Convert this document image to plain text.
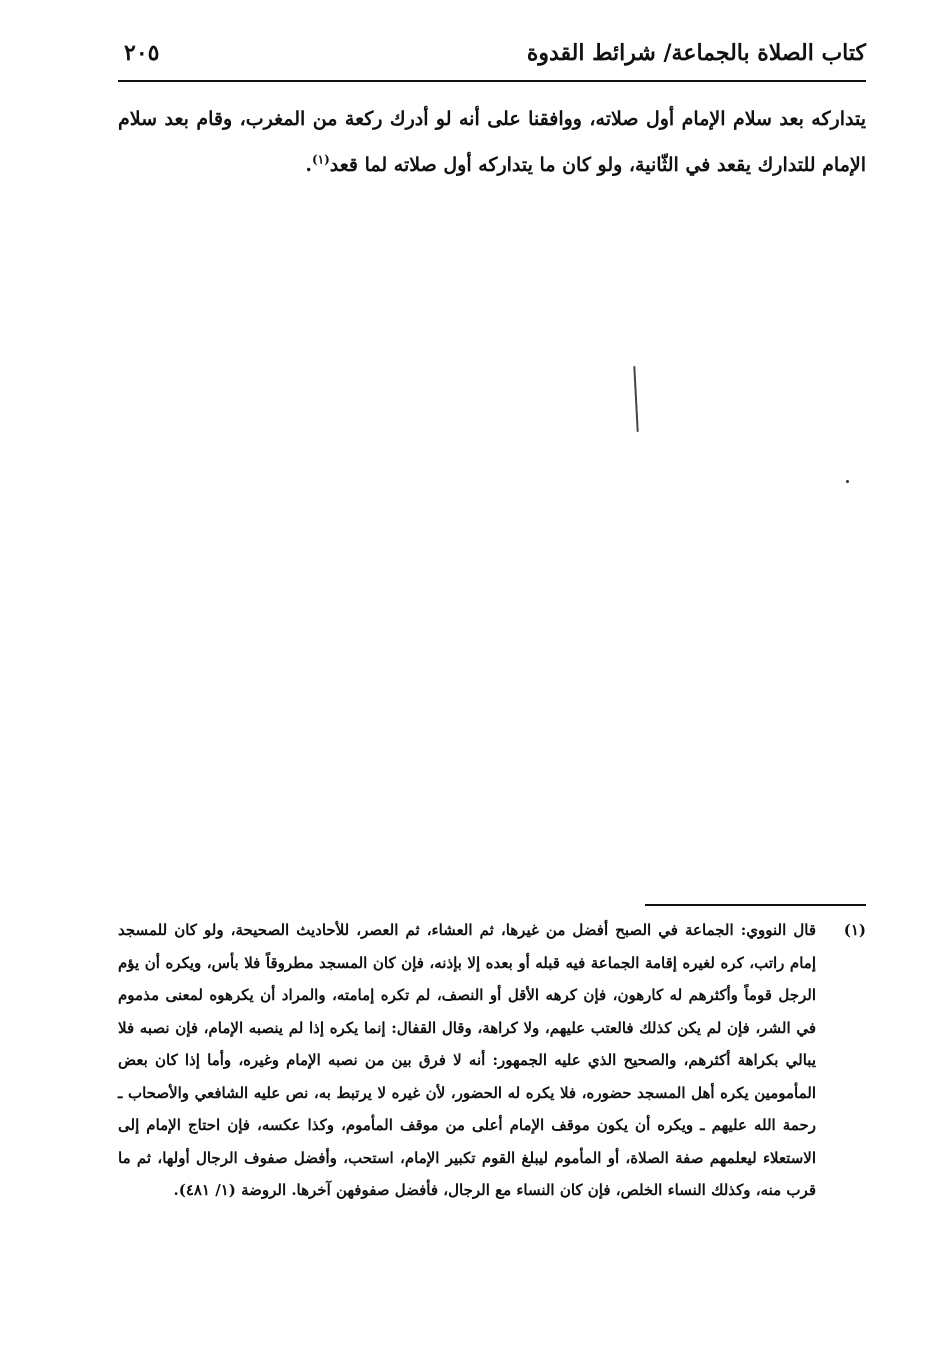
كتاب الصلاة بالجماعة/ شرائط القدوة
٢٠٥
يتداركه بعد سلام الإمام أول صلاته، ووافقنا على أنه لو أدرك ركعة من المغرب، وقام بعد سلام الإمام للتدارك يقعد في الثّانية، ولو كان ما يتداركه أول صلاته لما قعد$^{(١)}$.
(١)
قال النووي: الجماعة في الصبح أفضل من غيرها، ثم العشاء، ثم العصر، للأحاديث الصحيحة، ولو كان للمسجد إمام راتب، كره لغيره إقامة الجماعة فيه قبله أو بعده إلا بإذنه، فإن كان المسجد مطروقاً فلا بأس، ويكره أن يؤم الرجل قوماً وأكثرهم له كارهون، فإن كرهه الأقل أو النصف، لم تكره إمامته، والمراد أن يكرهوه لمعنى مذموم في الشر، فإن لم يكن كذلك فالعتب عليهم، ولا كراهة، وقال القفال: إنما يكره إذا لم ينصبه الإمام، فإن نصبه فلا يبالي بكراهة أكثرهم، والصحيح الذي عليه الجمهور: أنه لا فرق بين من نصبه الإمام وغيره، وأما إذا كان بعض المأمومين يكره أهل المسجد حضوره، فلا يكره له الحضور، لأن غيره لا يرتبط به، نص عليه الشافعي والأصحاب ـ رحمة الله عليهم ـ ويكره أن يكون موقف الإمام أعلى من موقف المأموم، وكذا عكسه، فإن احتاج الإمام إلى الاستعلاء ليعلمهم صفة الصلاة، أو المأموم ليبلغ القوم تكبير الإمام، استحب، وأفضل صفوف الرجال أولها، ثم ما قرب منه، وكذلك النساء الخلص، فإن كان النساء مع الرجال، فأفضل صفوفهن آخرها. الروضة (١/ ٤٨١).
